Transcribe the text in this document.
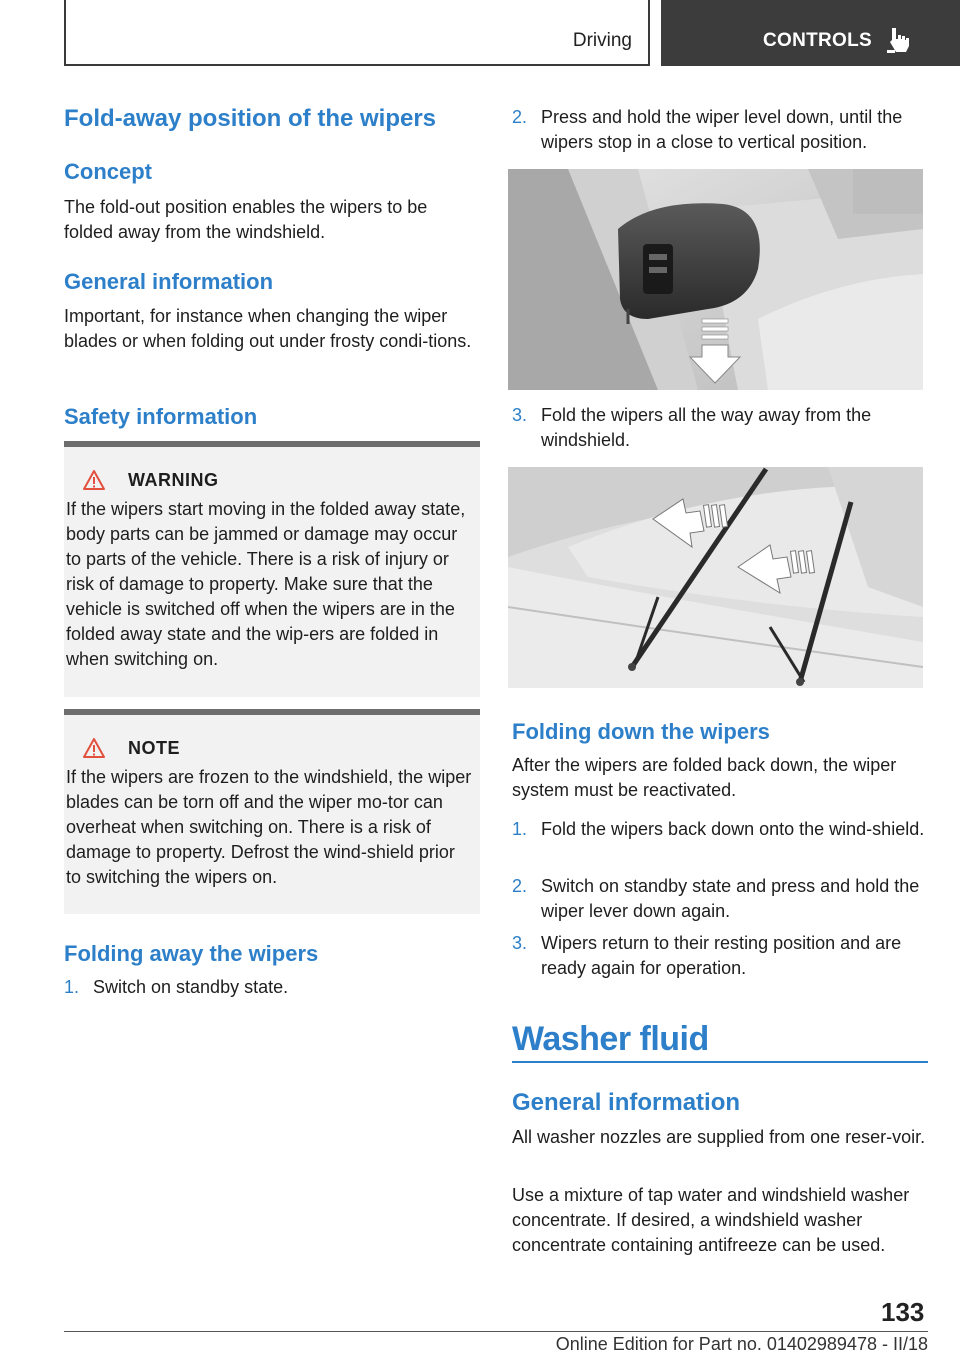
Driving	CONTROLS
Fold-away position of the wipers
Concept
The fold-out position enables the wipers to be folded away from the windshield.
General information
Important, for instance when changing the wiper blades or when folding out under frosty condi-tions.
Safety information
WARNING
If the wipers start moving in the folded away state, body parts can be jammed or damage may occur to parts of the vehicle. There is a risk of injury or risk of damage to property. Make sure that the vehicle is switched off when the wipers are in the folded away state and the wip-ers are folded in when switching on.
NOTE
If the wipers are frozen to the windshield, the wiper blades can be torn off and the wiper mo-tor can overheat when switching on. There is a risk of damage to property. Defrost the wind-shield prior to switching the wipers on.
Folding away the wipers
1. Switch on standby state.
2. Press and hold the wiper level down, until the wipers stop in a close to vertical position.
3. Fold the wipers all the way away from the windshield.
Folding down the wipers
After the wipers are folded back down, the wiper system must be reactivated.
1. Fold the wipers back down onto the wind-shield.
2. Switch on standby state and press and hold the wiper lever down again.
3. Wipers return to their resting position and are ready again for operation.
Washer fluid
General information
All washer nozzles are supplied from one reser-voir.
Use a mixture of tap water and windshield washer concentrate. If desired, a windshield washer concentrate containing antifreeze can be used.
133
Online Edition for Part no. 01402989478 - II/18
